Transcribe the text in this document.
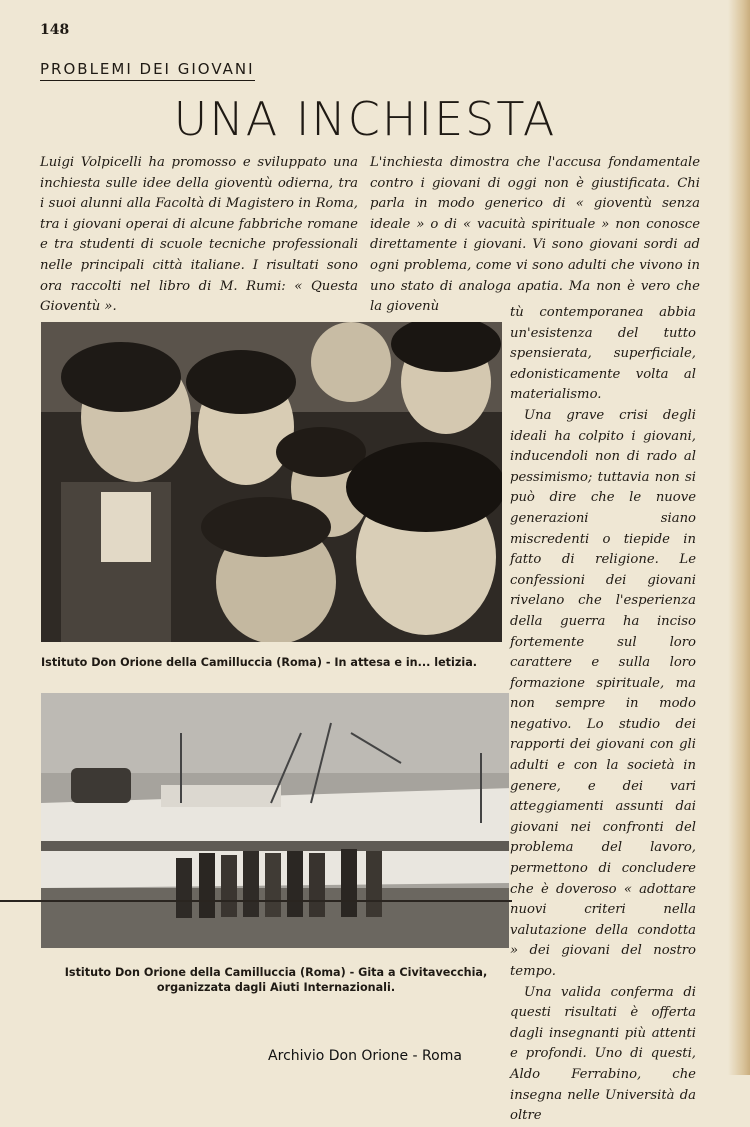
148
PROBLEMI DEI GIOVANI
UNA INCHIESTA

Luigi Volpicelli ha promosso e sviluppato una inchiesta sulle idee della gioventù odierna, tra i suoi alunni alla Facoltà di Magistero in Roma, tra i giovani operai di alcune fabbriche romane e tra studenti di scuole tecniche professionali nelle principali città italiane. I risultati sono ora raccolti nel libro di M. Rumi: « Questa Gioventù ».

L'inchiesta dimostra che l'accusa fondamentale contro i giovani di oggi non è giustificata. Chi parla in modo generico di « gioventù senza ideale » o di « vacuità spirituale » non conosce direttamente i giovani. Vi sono giovani sordi ad ogni problema, come vi sono adulti che vivono in uno stato di analoga apatia. Ma non è vero che la giovenù	tù contemporanea abbia un'esistenza del tutto spensierata, superficiale, edonisticamente volta al materialismo.

Una grave crisi degli ideali ha colpito i giovani, inducendoli non di rado al pessimismo; tuttavia non si può dire che le nuove generazioni siano miscredenti o tiepide in fatto di religione. Le confessioni dei giovani rivelano che l'esperienza della guerra ha inciso fortemente sul loro carattere e sulla loro formazione spirituale, ma non sempre in modo negativo. Lo studio dei rapporti dei giovani con gli adulti e con la società in genere, e dei vari atteggiamenti assunti dai giovani nei confronti del problema del lavoro, permettono di concludere che è doveroso « adottare nuovi criteri nella valutazione della condotta » dei giovani del nostro tempo.

Una valida conferma di questi risultati è offerta dagli insegnanti più attenti e profondi. Uno di questi, Aldo Ferrabino, che insegna nelle Università da oltre

Istituto Don Orione della Camilluccia (Roma) - In attesa e in... letizia.
Istituto Don Orione della Camilluccia (Roma) - Gita a Civitavecchia, organizzata dagli Aiuti Internazionali.
Archivio Don Orione - Roma
